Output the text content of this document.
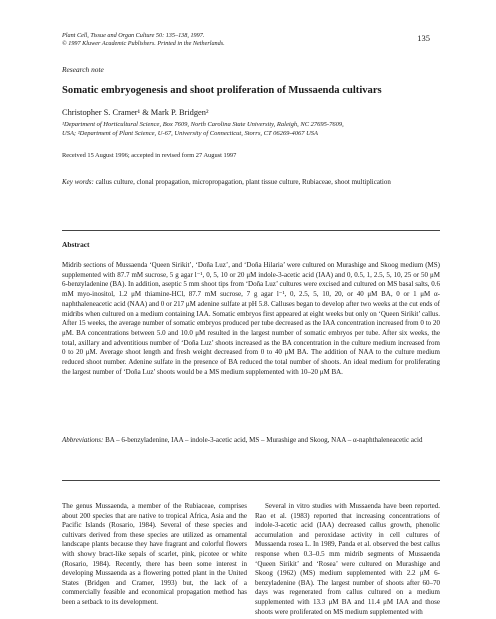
Plant Cell, Tissue and Organ Culture 50: 135–138, 1997.
© 1997 Kluwer Academic Publishers. Printed in the Netherlands.
135
Research note
Somatic embryogenesis and shoot proliferation of Mussaenda cultivars
Christopher S. Cramer¹ & Mark P. Bridgen²
¹Department of Horticultural Science, Box 7609, North Carolina State University, Raleigh, NC 27695-7609,
USA; ²Department of Plant Science, U-67, University of Connecticut, Storrs, CT 06269-4067 USA
Received 15 August 1996; accepted in revised form 27 August 1997
Key words: callus culture, clonal propagation, micropropagation, plant tissue culture, Rubiaceae, shoot multiplication
Abstract
Midrib sections of Mussaenda ‘Queen Sirikit’, ‘Doña Luz’, and ‘Doña Hilaria’ were cultured on Murashige and Skoog medium (MS) supplemented with 87.7 mM sucrose, 5 g agar l⁻¹, 0, 5, 10 or 20 μM indole-3-acetic acid (IAA) and 0, 0.5, 1, 2.5, 5, 10, 25 or 50 μM 6-benzyladenine (BA). In addition, aseptic 5 mm shoot tips from ‘Doña Luz’ cultures were excised and cultured on MS basal salts, 0.6 mM myo-inositol, 1.2 μM thiamine-HCl, 87.7 mM sucrose, 7 g agar l⁻¹, 0, 2.5, 5, 10, 20, or 40 μM BA, 0 or 1 μM α-naphthaleneacetic acid (NAA) and 0 or 217 μM adenine sulfate at pH 5.8. Calluses began to develop after two weeks at the cut ends of midribs when cultured on a medium containing IAA. Somatic embryos first appeared at eight weeks but only on ‘Queen Sirikit’ callus. After 15 weeks, the average number of somatic embryos produced per tube decreased as the IAA concentration increased from 0 to 20 μM. BA concentrations between 5.0 and 10.0 μM resulted in the largest number of somatic embryos per tube. After six weeks, the total, axillary and adventitious number of ‘Doña Luz’ shoots increased as the BA concentration in the culture medium increased from 0 to 20 μM. Average shoot length and fresh weight decreased from 0 to 40 μM BA. The addition of NAA to the culture medium reduced shoot number. Adenine sulfate in the presence of BA reduced the total number of shoots. An ideal medium for proliferating the largest number of ‘Doña Luz’ shoots would be a MS medium supplemented with 10–20 μM BA.
Abbreviations: BA – 6-benzyladenine, IAA – indole-3-acetic acid, MS – Murashige and Skoog, NAA – α-naphthaleneacetic acid

The genus Mussaenda, a member of the Rubiaceae, comprises about 200 species that are native to tropical Africa, Asia and the Pacific Islands (Rosario, 1984). Several of these species and cultivars derived from these species are utilized as ornamental landscape plants because they have fragrant and colorful flowers with showy bract-like sepals of scarlet, pink, picotee or white (Rosario, 1984). Recently, there has been some interest in developing Mussaenda as a flowering potted plant in the United States (Bridgen and Cramer, 1993) but, the lack of a commercially feasible and economical propagation method has been a setback to its development.

Several in vitro studies with Mussaenda have been reported. Rao et al. (1983) reported that increasing concentrations of indole-3-acetic acid (IAA) decreased callus growth, phenolic accumulation and peroxidase activity in cell cultures of Mussaenda rosea L. In 1989, Panda et al. observed the best callus response when 0.3–0.5 mm midrib segments of Mussaenda ‘Queen Sirikit’ and ‘Rosea’ were cultured on Murashige and Skoog (1962) (MS) medium supplemented with 2.2 μM 6-benzyladenine (BA). The largest number of shoots after 60–70 days was regenerated from callus cultured on a medium supplemented with 13.3 μM BA and 11.4 μM IAA and those shoots were proliferated on MS medium supplemented with
